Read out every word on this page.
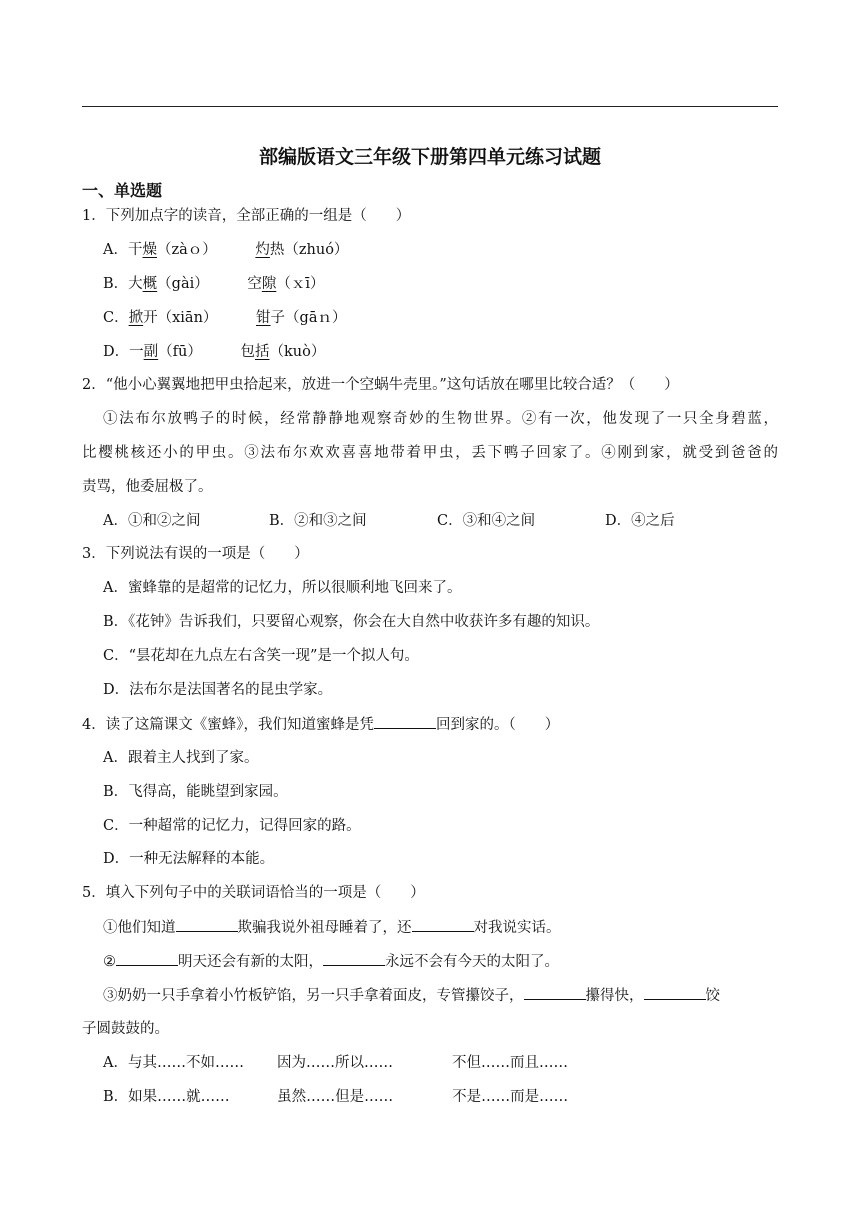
部编版语文三年级下册第四单元练习试题
一、单选题
1．下列加点字的读音，全部正确的一组是（　　）
A．干燥（zàｏ）	灼热（zhuó）
B．大概（gài）	空隙（ｘī）
C．掀开（xiān）	钳子（gāｎ）
D．一副（fū）	包括（kuò）
2．“他小心翼翼地把甲虫拾起来，放进一个空蜗牛壳里。”这句话放在哪里比较合适？（　　）
①法布尔放鸭子的时候，经常静静地观察奇妙的生物世界。②有一次，他发现了一只全身碧蓝，
比樱桃核还小的甲虫。③法布尔欢欢喜喜地带着甲虫，丢下鸭子回家了。④刚到家，就受到爸爸的
责骂，他委屈极了。
A．①和②之间	B．②和③之间	C．③和④之间	D．④之后
3．下列说法有误的一项是（　　）
A．蜜蜂靠的是超常的记忆力，所以很顺利地飞回来了。
B．《花钟》告诉我们，只要留心观察，你会在大自然中收获许多有趣的知识。
C．“昙花却在九点左右含笑一现”是一个拟人句。
D．法布尔是法国著名的昆虫学家。
4．读了这篇课文《蜜蜂》，我们知道蜜蜂是凭	回到家的。（　　）
A．跟着主人找到了家。
B．飞得高，能眺望到家园。
C．一种超常的记忆力，记得回家的路。
D．一种无法解释的本能。
5．填入下列句子中的关联词语恰当的一项是（　　）
①他们知道	欺骗我说外祖母睡着了，还	对我说实话。
②	明天还会有新的太阳，	永远不会有今天的太阳了。
③奶奶一只手拿着小竹板铲馅，另一只手拿着面皮，专管攥饺子，	攥得快，	饺
子圆鼓鼓的。
A．与其……不如…… 因为……所以……	不但……而且……
B．如果……就……	虽然……但是……	不是……而是……
